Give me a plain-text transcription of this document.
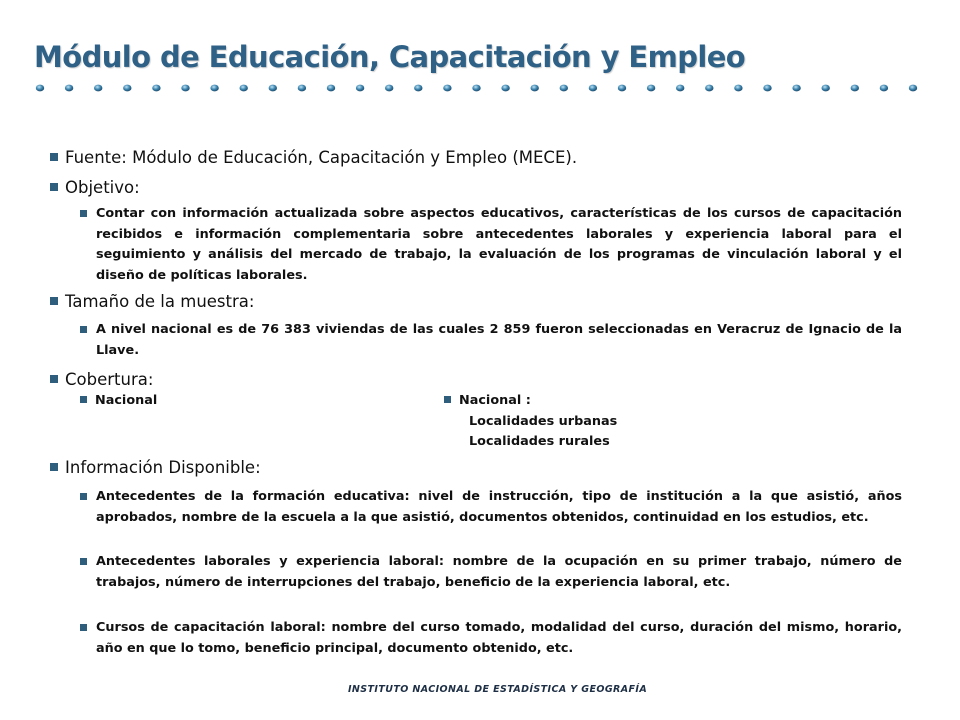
Módulo de Educación, Capacitación y Empleo
Fuente: Módulo de Educación, Capacitación y Empleo (MECE).
Objetivo:
Contar con información actualizada sobre aspectos educativos, características de los cursos de capacitación recibidos e información complementaria sobre antecedentes laborales y experiencia laboral para el seguimiento y análisis del mercado de trabajo, la evaluación de los programas de vinculación laboral y el diseño de políticas laborales.
Tamaño de la muestra:
A nivel nacional es de 76 383 viviendas de las cuales 2 859 fueron seleccionadas en Veracruz de Ignacio de la Llave.
Cobertura:
Nacional	Nacional :
Localidades urbanas
Localidades rurales
Información Disponible:
Antecedentes de la formación educativa: nivel de instrucción, tipo de institución a la que asistió, años aprobados, nombre de la escuela a la que asistió, documentos obtenidos, continuidad en los estudios, etc.
Antecedentes laborales y experiencia laboral: nombre de la ocupación en su primer trabajo, número de trabajos, número de interrupciones del trabajo, beneficio de la experiencia laboral, etc.
Cursos de capacitación laboral: nombre del curso tomado, modalidad del curso, duración del mismo, horario, año en que lo tomo, beneficio principal, documento obtenido, etc.
INSTITUTO NACIONAL DE ESTADÍSTICA Y GEOGRAFÍA
